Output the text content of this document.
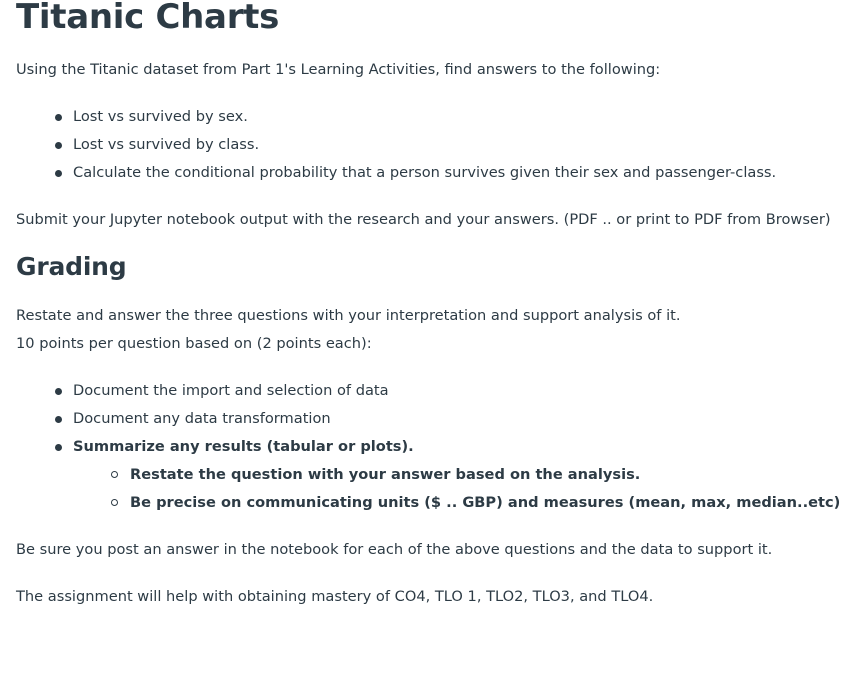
Titanic Charts

Using the Titanic dataset from Part 1's Learning Activities, find answers to the following:

Lost vs survived by sex.
Lost vs survived by class.
Calculate the conditional probability that a person survives given their sex and passenger-class.

Submit your Jupyter notebook output with the research and your answers. (PDF .. or print to PDF from Browser)

Grading

Restate and answer the three questions with your interpretation and support analysis of it.

10 points per question based on (2 points each):

Document the import and selection of data
Document any data transformation
Summarize any results (tabular or plots).
Restate the question with your answer based on the analysis.
Be precise on communicating units ($ .. GBP) and measures (mean, max, median..etc)

Be sure you post an answer in the notebook for each of the above questions and the data to support it.

The assignment will help with obtaining mastery of CO4, TLO 1, TLO2, TLO3, and TLO4.
